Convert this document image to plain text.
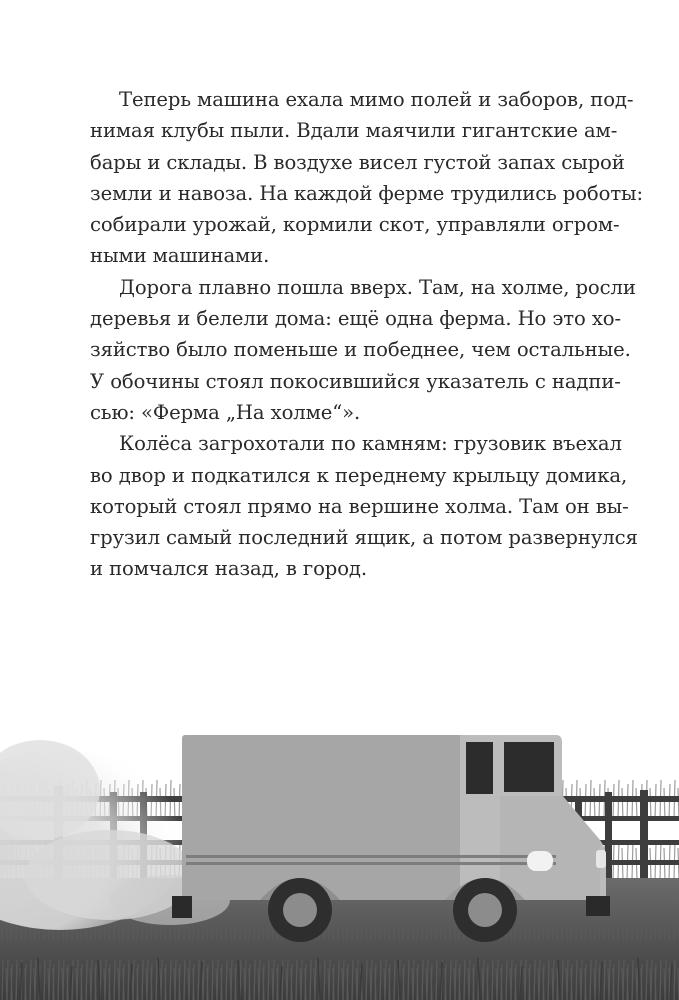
Теперь машина ехала мимо полей и заборов, под-
нимая клубы пыли. Вдали маячили гигантские ам-
бары и склады. В воздухе висел густой запах сырой
земли и навоза. На каждой ферме трудились роботы:
собирали урожай, кормили скот, управляли огром-
ными машинами.

Дорога плавно пошла вверх. Там, на холме, росли
деревья и белели дома: ещё одна ферма. Но это хо-
зяйство было поменьше и победнее, чем остальные.
У обочины стоял покосившийся указатель с надпи-
сью: «Ферма „На холме“».

Колёса загрохотали по камням: грузовик въехал
во двор и подкатился к переднему крыльцу домика,
который стоял прямо на вершине холма. Там он вы-
грузил самый последний ящик, а потом развернулся
и помчался назад, в город.
